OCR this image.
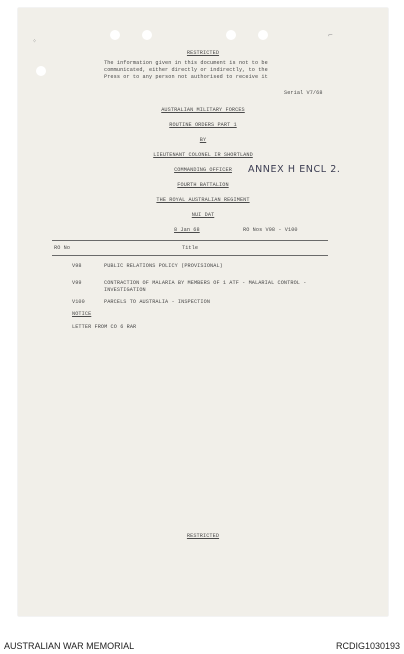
⁘
⌐
RESTRICTED
The information given in this document is not to be
communicated, either directly or indirectly, to the
Press or to any person not authorised to receive it
Serial V7/68
AUSTRALIAN MILITARY FORCES
ROUTINE ORDERS PART 1
BY
LIEUTENANT COLONEL IR SHORTLAND
COMMANDING OFFICER
FOURTH BATTALION
THE ROYAL AUSTRALIAN REGIMENT
NUI DAT
ANNEX H ENCL 2.
8 Jan 68	RO Nos V98 - V100
RO No	Title
V98	PUBLIC RELATIONS POLICY (PROVISIONAL)
V99	CONTRACTION OF MALARIA BY MEMBERS OF 1 ATF - MALARIAL CONTROL -
INVESTIGATION
V100	PARCELS TO AUSTRALIA - INSPECTION
NOTICE
LETTER FROM CO 6 RAR
RESTRICTED
AUSTRALIAN WAR MEMORIAL	RCDIG1030193
